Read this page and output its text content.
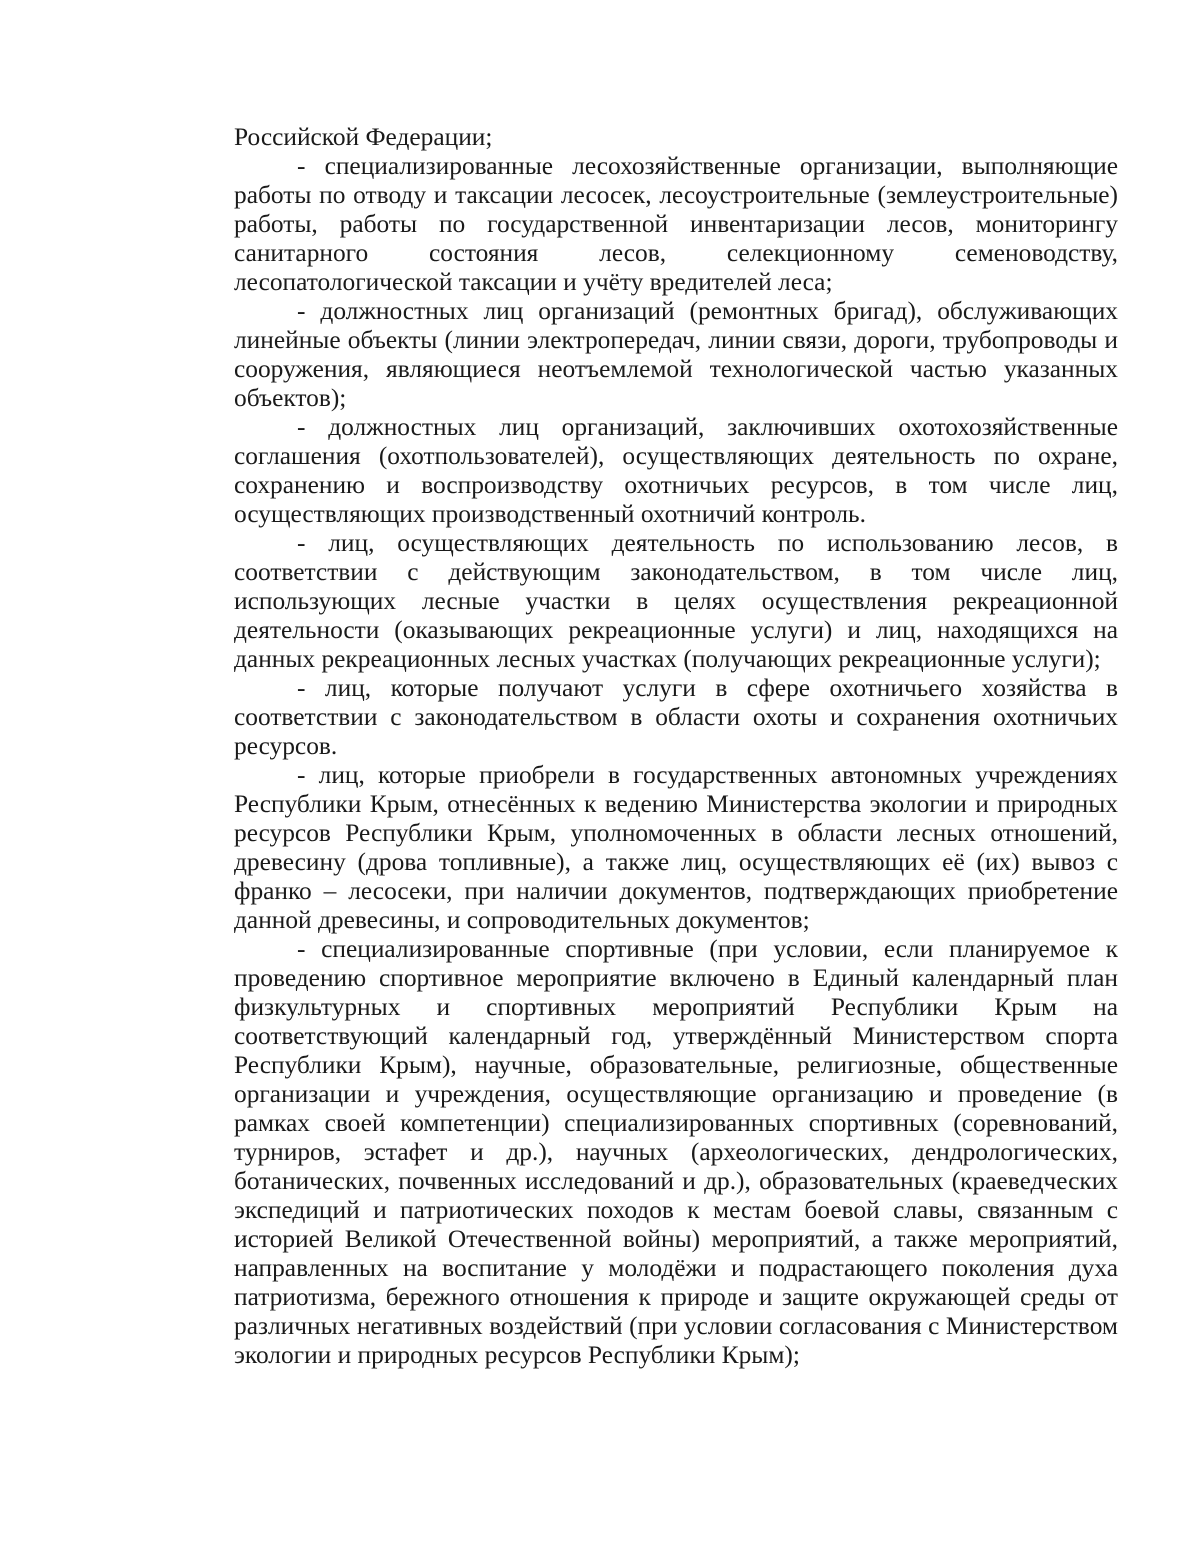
Российской Федерации;

- специализированные лесохозяйственные организации, выполняющие работы по отводу и таксации лесосек, лесоустроительные (землеустроительные) работы, работы по государственной инвентаризации лесов, мониторингу санитарного состояния лесов, селекционному семеноводству, лесопатологической таксации и учёту вредителей леса;

- должностных лиц организаций (ремонтных бригад), обслуживающих линейные объекты (линии электропередач, линии связи, дороги, трубопроводы и сооружения, являющиеся неотъемлемой технологической частью указанных объектов);

- должностных лиц организаций, заключивших охотохозяйственные соглашения (охотпользователей), осуществляющих деятельность по охране, сохранению и воспроизводству охотничьих ресурсов, в том числе лиц, осуществляющих производственный охотничий контроль.

- лиц, осуществляющих деятельность по использованию лесов, в соответствии с действующим законодательством, в том числе лиц, использующих лесные участки в целях осуществления рекреационной деятельности (оказывающих рекреационные услуги) и лиц, находящихся на данных рекреационных лесных участках (получающих рекреационные услуги);

- лиц, которые получают услуги в сфере охотничьего хозяйства в соответствии с законодательством в области охоты и сохранения охотничьих ресурсов.

- лиц, которые приобрели в государственных автономных учреждениях Республики Крым, отнесённых к ведению Министерства экологии и природных ресурсов Республики Крым, уполномоченных в области лесных отношений, древесину (дрова топливные), а также лиц, осуществляющих её (их) вывоз с франко – лесосеки, при наличии документов, подтверждающих приобретение данной древесины, и сопроводительных документов;

- специализированные спортивные (при условии, если планируемое к проведению спортивное мероприятие включено в Единый календарный план физкультурных и спортивных мероприятий Республики Крым на соответствующий календарный год, утверждённый Министерством спорта Республики Крым), научные, образовательные, религиозные, общественные организации и учреждения, осуществляющие организацию и проведение (в рамках своей компетенции) специализированных спортивных (соревнований, турниров, эстафет и др.), научных (археологических, дендрологических, ботанических, почвенных исследований и др.), образовательных (краеведческих экспедиций и патриотических походов к местам боевой славы, связанным с историей Великой Отечественной войны) мероприятий, а также мероприятий, направленных на воспитание у молодёжи и подрастающего поколения духа патриотизма, бережного отношения к природе и защите окружающей среды от различных негативных воздействий (при условии согласования с Министерством экологии и природных ресурсов Республики Крым);
